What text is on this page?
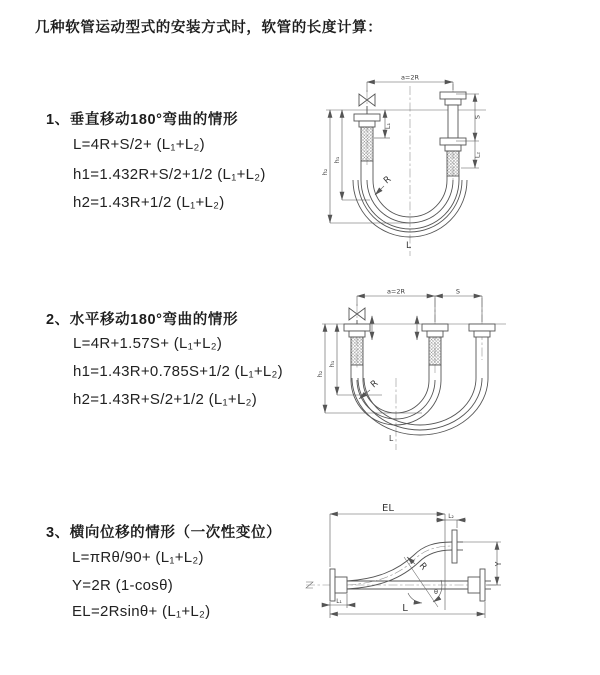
几种软管运动型式的安装方式时，软管的长度计算：
1、垂直移动180°弯曲的情形
L=4R+S/2+ (L₁+L₂)
h1=1.432R+S/2+1/2 (L₁+L₂)
h2=1.43R+1/2 (L₁+L₂)
a=2R
h₁
h₂
L₁
S
L₂
R
L
2、水平移动180°弯曲的情形
L=4R+1.57S+ (L₁+L₂)
h1=1.43R+0.785S+1/2 (L₁+L₂)
h2=1.43R+S/2+1/2 (L₁+L₂)
a=2R	S
h₁
h₂
R
L
3、横向位移的情形（一次性变位）
L=πRθ/90+ (L₁+L₂)
Y=2R (1-cosθ)
EL=2Rsinθ+ (L₁+L₂)
θ
R
EL
L₂
Y
L₁
L
